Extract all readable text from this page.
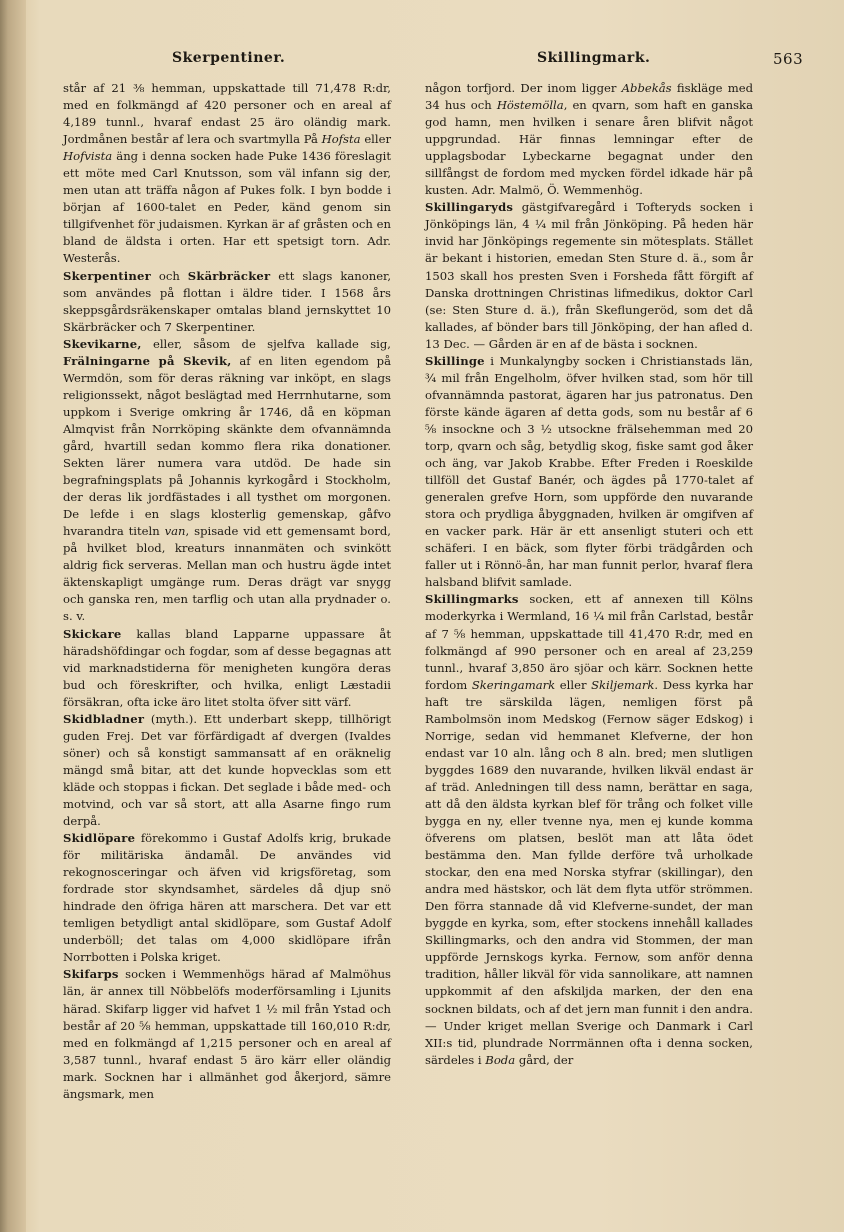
Skerpentiner.	Skillingmark.	563

står af 21 ⅜ hemman, uppskattade till 71,478 R:dr, med en folkmängd af 420 personer och en areal af 4,189 tunnl., hvaraf endast 25 äro oländig mark. Jordmånen består af lera och svartmylla På Hofsta eller Hofvista äng i denna socken hade Puke 1436 föreslagit ett möte med Carl Knutsson, som väl infann sig der, men utan att träffa någon af Pukes folk. I byn bodde i början af 1600-talet en Peder, känd genom sin tillgifvenhet för judaismen. Kyrkan är af gråsten och en bland de äldsta i orten. Har ett spetsigt torn. Adr. Westerås.

Skerpentiner och Skärbräcker ett slags kanoner, som användes på flottan i äldre tider. I 1568 års skeppsgårdsräkenskaper omtalas bland jernskyttet 10 Skärbräcker och 7 Skerpentiner.

Skevikarne, eller, såsom de sjelfva kallade sig, Frälningarne på Skevik, af en liten egendom på Wermdön, som för deras räkning var inköpt, en slags religionssekt, något beslägtad med Herrnhutarne, som uppkom i Sverige omkring år 1746, då en köpman Almqvist från Norrköping skänkte dem ofvannämnda gård, hvartill sedan kommo flera rika donationer. Sekten lärer numera vara utdöd. De hade sin begrafningsplats på Johannis kyrkogård i Stockholm, der deras lik jordfästades i all tysthet om morgonen. De lefde i en slags klosterlig gemenskap, gåfvo hvarandra titeln van, spisade vid ett gemensamt bord, på hvilket blod, kreaturs innanmäten och svinkött aldrig fick serveras. Mellan man och hustru ägde intet äktenskapligt umgänge rum. Deras drägt var snygg och ganska ren, men tarflig och utan alla prydnader o. s. v.

Skickare kallas bland Lapparne uppassare åt häradshöfdingar och fogdar, som af desse begagnas att vid marknadstiderna för menigheten kungöra deras bud och föreskrifter, och hvilka, enligt Læstadii försäkran, ofta icke äro litet stolta öfver sitt värf.

Skidbladner (myth.). Ett underbart skepp, tillhörigt guden Frej. Det var förfärdigadt af dvergen (Ivaldes söner) och så konstigt sammansatt af en oräknelig mängd små bitar, att det kunde hopvecklas som ett kläde och stoppas i fickan. Det seglade i både med- och motvind, och var så stort, att alla Asarne fingo rum derpå.

Skidlöpare förekommo i Gustaf Adolfs krig, brukade för militäriska ändamål. De användes vid rekognosceringar och äfven vid krigsföretag, som fordrade stor skyndsamhet, särdeles då djup snö hindrade den öfriga hären att marschera. Det var ett temligen betydligt antal skidlöpare, som Gustaf Adolf underböll; det talas om 4,000 skidlöpare ifrån Norrbotten i Polska kriget.

Skifarps socken i Wemmenhögs härad af Malmöhus län, är annex till Nöbbelöfs moderförsamling i Ljunits härad. Skifarp ligger vid hafvet 1 ½ mil från Ystad och består af 20 ⅝ hemman, uppskattade till 160,010 R:dr, med en folkmängd af 1,215 personer och en areal af 3,587 tunnl., hvaraf endast 5 äro kärr eller oländig mark. Socknen har i allmänhet god åkerjord, sämre ängsmark, men

någon torfjord. Der inom ligger Abbekås fiskläge med 34 hus och Höstemölla, en qvarn, som haft en ganska god hamn, men hvilken i senare åren blifvit något uppgrundad. Här finnas lemningar efter de upplagsbodar Lybeckarne begagnat under den sillfångst de fordom med mycken fördel idkade här på kusten. Adr. Malmö, Ö. Wemmenhög.

Skillingaryds gästgifvaregård i Tofteryds socken i Jönköpings län, 4 ¼ mil från Jönköping. På heden här invid har Jönköpings regemente sin mötesplats. Stället är bekant i historien, emedan Sten Sture d. ä., som år 1503 skall hos presten Sven i Forsheda fått förgift af Danska drottningen Christinas lifmedikus, doktor Carl (se: Sten Sture d. ä.), från Skeflungeröd, som det då kallades, af bönder bars till Jönköping, der han afled d. 13 Dec. — Gården är en af de bästa i socknen.

Skillinge i Munkalyngby socken i Christianstads län, ¾ mil från Engelholm, öfver hvilken stad, som hör till ofvannämnda pastorat, ägaren har jus patronatus. Den förste kände ägaren af detta gods, som nu består af 6 ⅝ insockne och 3 ½ utsockne frälsehemman med 20 torp, qvarn och såg, betydlig skog, fiske samt god åker och äng, var Jakob Krabbe. Efter Freden i Roeskilde tillföll det Gustaf Banér, och ägdes på 1770-talet af generalen grefve Horn, som uppförde den nuvarande stora och prydliga åbyggnaden, hvilken är omgifven af en vacker park. Här är ett ansenligt stuteri och ett schäferi. I en bäck, som flyter förbi trädgården och faller ut i Rönnö-ån, har man funnit perlor, hvaraf flera halsband blifvit samlade.

Skillingmarks socken, ett af annexen till Kölns moderkyrka i Wermland, 16 ¼ mil från Carlstad, består af 7 ⅝ hemman, uppskattade till 41,470 R:dr, med en folkmängd af 990 personer och en areal af 23,259 tunnl., hvaraf 3,850 äro sjöar och kärr. Socknen hette fordom Skeringamark eller Skiljemark. Dess kyrka har haft tre särskilda lägen, nemligen först på Rambolmsön inom Medskog (Fernow säger Edskog) i Norrige, sedan vid hemmanet Klefverne, der hon endast var 10 aln. lång och 8 aln. bred; men slutligen byggdes 1689 den nuvarande, hvilken likväl endast är af träd. Anledningen till dess namn, berättar en saga, att då den äldsta kyrkan blef för trång och folket ville bygga en ny, eller tvenne nya, men ej kunde komma öfverens om platsen, beslöt man att låta ödet bestämma den. Man fyllde derföre två urholkade stockar, den ena med Norska styfrar (skillingar), den andra med hästskor, och lät dem flyta utför strömmen. Den förra stannade då vid Klefverne-sundet, der man byggde en kyrka, som, efter stockens innehåll kallades Skillingmarks, och den andra vid Stommen, der man uppförde Jernskogs kyrka. Fernow, som anför denna tradition, håller likväl för vida sannolikare, att namnen uppkommit af den afskiljda marken, der den ena socknen bildats, och af det jern man funnit i den andra. — Under kriget mellan Sverige och Danmark i Carl XII:s tid, plundrade Norrmännen ofta i denna socken, särdeles i Boda gård, der
